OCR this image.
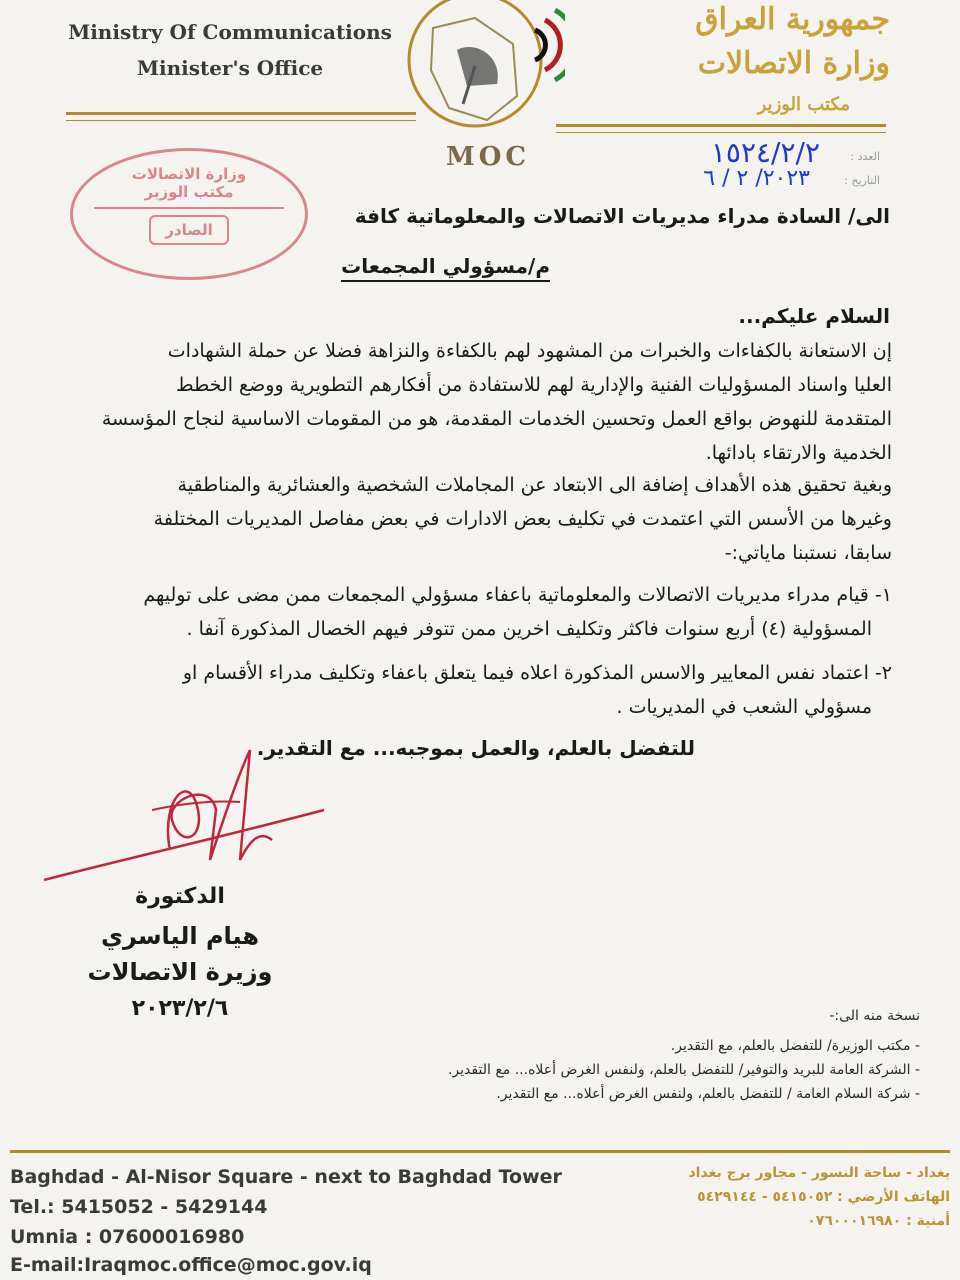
Ministry Of Communications
Minister's Office
MOC
جمهورية العراق
وزارة الاتصالات
مكتب الوزير
العدد :
١٥٢٤/٢/٢
التاريخ :
٢٠٢٣/ ٢ / ٦
وزارة الاتصالات
مكتب الوزير
الصادر
الى/ السادة مدراء مديريات الاتصالات والمعلوماتية كافة
م/مسؤولي المجمعات
السلام عليكم...
إن الاستعانة بالكفاءات والخبرات من المشهود لهم بالكفاءة والنزاهة فضلا عن حملة الشهادات
العليا واسناد المسؤوليات الفنية والإدارية لهم للاستفادة من أفكارهم التطويرية ووضع الخطط
المتقدمة للنهوض بواقع العمل وتحسين الخدمات المقدمة، هو من المقومات الاساسية لنجاح المؤسسة
الخدمية والارتقاء بادائها.
وبغية تحقيق هذه الأهداف إضافة الى الابتعاد عن المجاملات الشخصية والعشائرية والمناطقية
وغيرها من الأسس التي اعتمدت في تكليف بعض الادارات في بعض مفاصل المديريات المختلفة
سابقا، نستبنا ماياتي:-
١- قيام مدراء مديريات الاتصالات والمعلوماتية باعفاء مسؤولي المجمعات ممن مضى على توليهم
المسؤولية (٤) أربع سنوات فاكثر وتكليف اخرين ممن تتوفر فيهم الخصال المذكورة آنفا .
٢- اعتماد نفس المعايير والاسس المذكورة اعلاه فيما يتعلق باعفاء وتكليف مدراء الأقسام او
مسؤولي الشعب في المديريات .
للتفضل بالعلم، والعمل بموجبه... مع التقدير.
الدكتورة
هيام الياسري
وزيرة الاتصالات
٢٠٢٣/٢/٦	نسخة منه الى:-
- مكتب الوزيرة/ للتفضل بالعلم، مع التقدير.
- الشركة العامة للبريد والتوفير/ للتفضل بالعلم، ولنفس الغرض أعلاه... مع التقدير.
- شركة السلام العامة / للتفضل بالعلم، ولنفس الغرض أعلاه... مع التقدير.
Baghdad - Al-Nisor Square - next to Baghdad Tower
Tel.: 5415052 - 5429144
Umnia : 07600016980
E-mail:Iraqmoc.office@moc.gov.iq
بغداد - ساحة النسور - مجاور برج بغداد
الهاتف الأرضي : ٥٤١٥٠٥٢ - ٥٤٢٩١٤٤
أمنية : ٠٧٦٠٠٠١٦٩٨٠
